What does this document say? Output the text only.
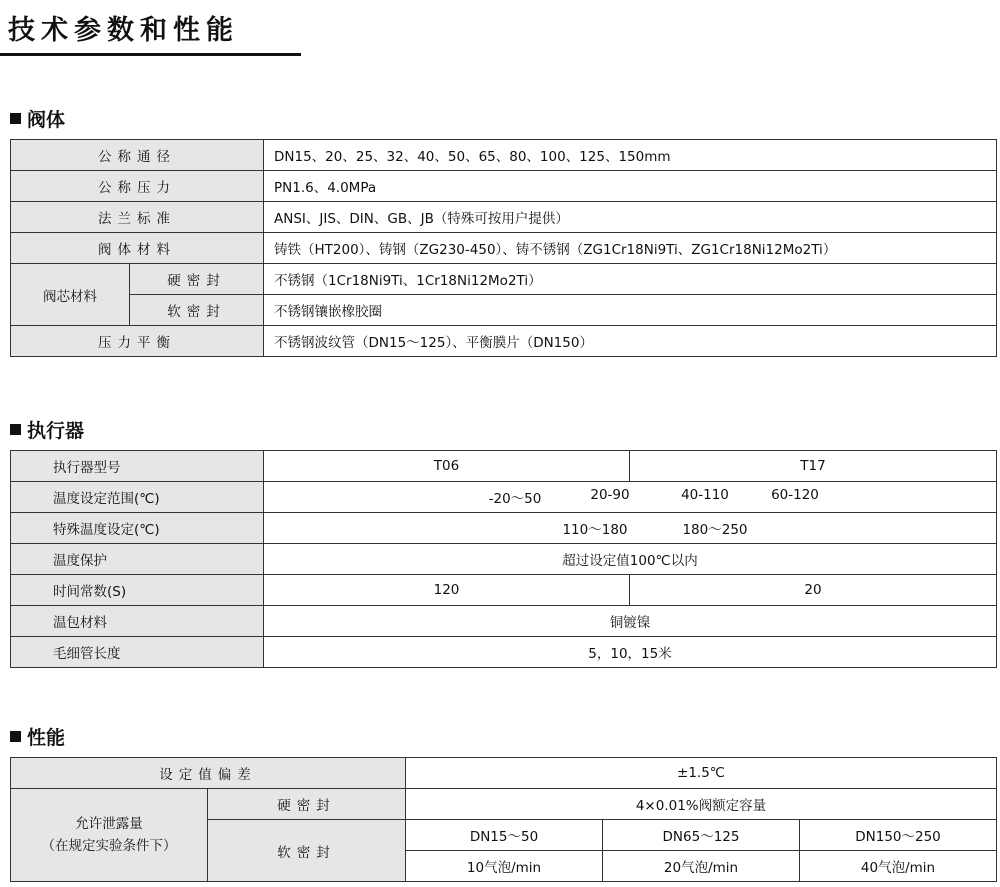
技术参数和性能
阀体
公称通径		DN15、20、25、32、40、50、65、80、100、125、150mm
公称压力		PN1.6、4.0MPa
法兰标准		ANSI、JIS、DIN、GB、JB（特殊可按用户提供）
阀体材料		铸铁（HT200）、铸钢（ZG230-450）、铸不锈钢（ZG1Cr18Ni9Ti、ZG1Cr18Ni12Mo2Ti）
阀芯材料	硬密封	不锈钢（1Cr18Ni9Ti、1Cr18Ni12Mo2Ti）
	软密封	不锈钢镶嵌橡胶圈
压力平衡		不锈钢波纹管（DN15～125）、平衡膜片（DN150）
执行器
执行器型号	T06	T17
温度设定范围(℃)	-20～50 20-90 40-110 60-120	

特殊温度设定(℃)	110～180 180～250	

温度保护	超过设定值100℃以内	
时间常数(S)	120	20
温包材料	铜镀镍	
毛细管长度	5，10，15米	
性能
设定值偏差		±1.5℃		

允许泄露量
（在规定实验条件下）	硬密封	4×0.01%阀额定容量		
	软密封	DN15～50	DN65～125	DN150～250
		10气泡/min	20气泡/min	40气泡/min
